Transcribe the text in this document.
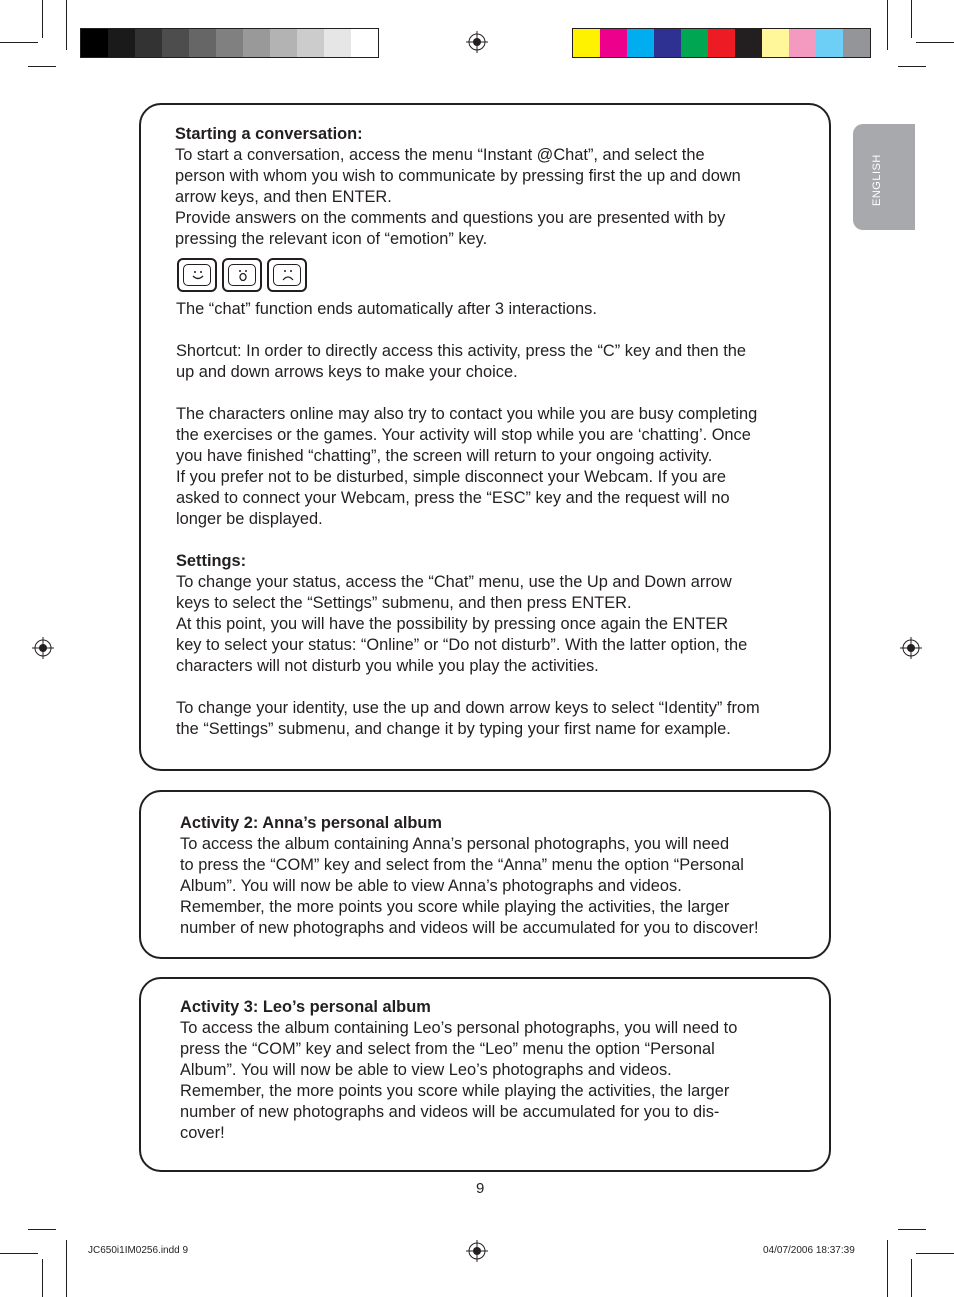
ENGLISH
Starting a conversation:
To start a conversation, access the menu “Instant @Chat”, and select the
person with whom you wish to communicate by pressing first the up and down
arrow keys, and then ENTER.
Provide answers on the comments and questions you are presented with by
pressing the relevant icon of “emotion” key.
The “chat” function ends automatically after 3 interactions.
Shortcut: In order to directly access this activity, press the “C” key and then the
up and down arrows keys to make your choice.
The characters online may also try to contact you while you are busy completing
the exercises or the games. Your activity will stop while you are ‘chatting’. Once
you have finished “chatting”, the screen will return to your ongoing activity.
If you prefer not to be disturbed, simple disconnect your Webcam. If you are
asked to connect your Webcam, press the “ESC” key and the request will no
longer be displayed.
Settings:
To change your status, access the “Chat” menu, use the Up and Down arrow
keys to select the “Settings” submenu, and then press ENTER.
At this point, you will have the possibility by pressing once again the ENTER
key to select your status: “Online” or “Do not disturb”. With the latter option, the
characters will not disturb you while you play the activities.
To change your identity, use the up and down arrow keys to select “Identity” from
the “Settings” submenu, and change it by typing your first name for example.
Activity 2: Anna’s personal album
To access the album containing Anna’s personal photographs, you will need
to press the “COM” key and select from the “Anna” menu the option “Personal
Album”. You will now be able to view Anna’s photographs and videos.
Remember, the more points you score while playing the activities, the larger
number of new photographs and videos will be accumulated for you to discover!
Activity 3: Leo’s personal album
To access the album containing Leo’s personal photographs, you will need to
press the “COM” key and select from the “Leo” menu the option “Personal
Album”. You will now be able to view Leo’s photographs and videos.
Remember, the more points you score while playing the activities, the larger
number of new photographs and videos will be accumulated for you to dis-
cover!
9
JC650i1IM0256.indd 9	04/07/2006 18:37:39
